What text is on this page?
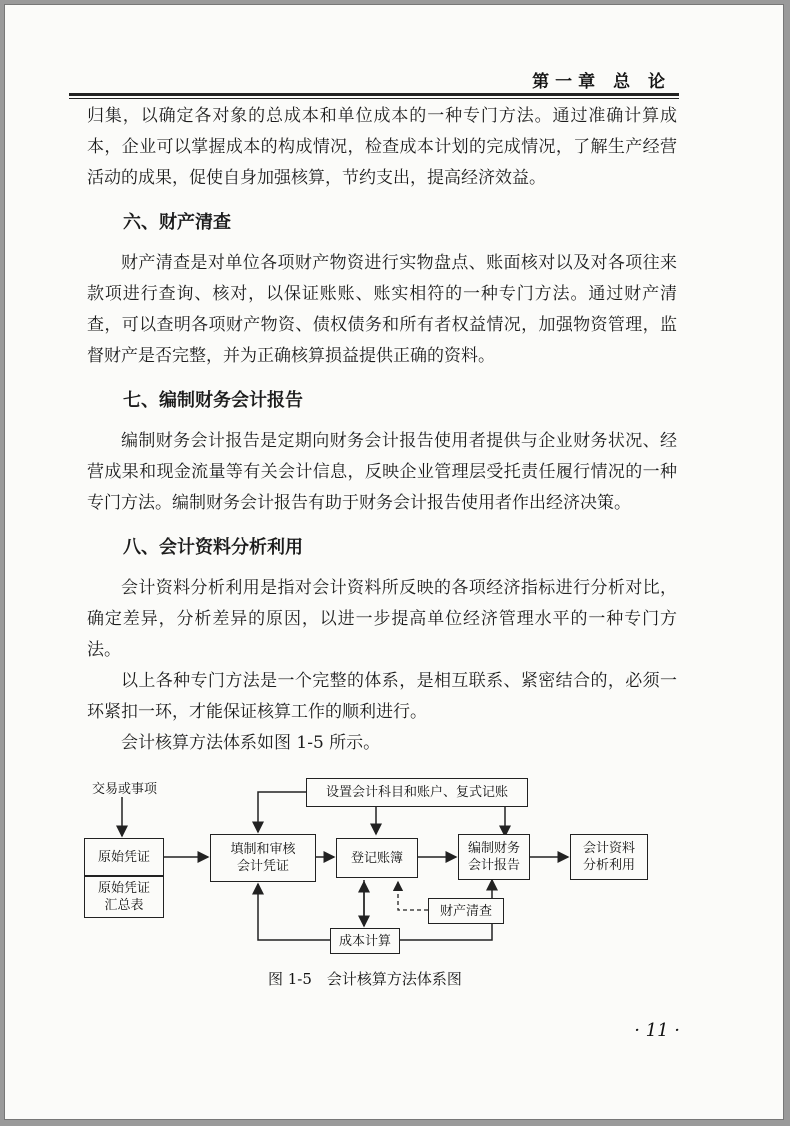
第一章 总 论

归集，以确定各对象的总成本和单位成本的一种专门方法。通过准确计算成本，企业可以掌握成本的构成情况，检查成本计划的完成情况，了解生产经营活动的成果，促使自身加强核算，节约支出，提高经济效益。

六、财产清查

财产清查是对单位各项财产物资进行实物盘点、账面核对以及对各项往来款项进行查询、核对，以保证账账、账实相符的一种专门方法。通过财产清查，可以查明各项财产物资、债权债务和所有者权益情况，加强物资管理，监督财产是否完整，并为正确核算损益提供正确的资料。

七、编制财务会计报告

编制财务会计报告是定期向财务会计报告使用者提供与企业财务状况、经营成果和现金流量等有关会计信息，反映企业管理层受托责任履行情况的一种专门方法。编制财务会计报告有助于财务会计报告使用者作出经济决策。

八、会计资料分析利用

会计资料分析利用是指对会计资料所反映的各项经济指标进行分析对比，确定差异，分析差异的原因，以进一步提高单位经济管理水平的一种专门方法。

以上各种专门方法是一个完整的体系，是相互联系、紧密结合的，必须一环紧扣一环，才能保证核算工作的顺利进行。

会计核算方法体系如图 1-5 所示。

交易或事项
原始凭证
原始凭证
汇总表
填制和审核
会计凭证
设置会计科目和账户、复式记账
登记账簿
编制财务
会计报告
会计资料
分析利用
财产清查
成本计算
图 1-5　会计核算方法体系图
· 11 ·
